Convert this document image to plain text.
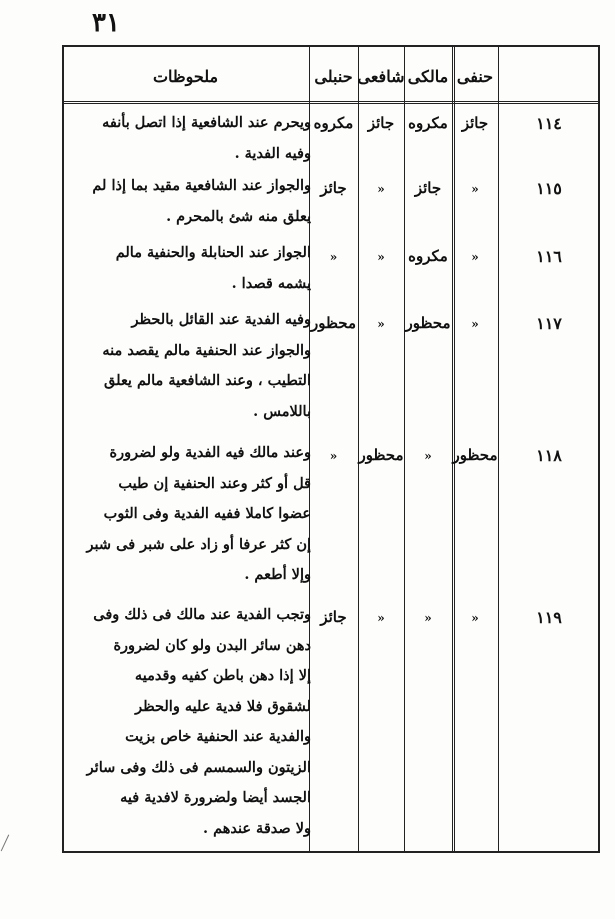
٣١
حنفى
مالكى
شافعى
حنبلى
ملحوظات
١١٤
جائز
مكروه
جائز
مكروه

ويحرم عند الشافعية إذا اتصل بأنفه
وفيه الفدية .

١١٥
«
جائز
«
جائز

والجواز عند الشافعية مقيد بما إذا لم
يعلق منه شئ بالمحرم .

١١٦
«
مكروه
«
«

الجواز عند الحنابلة والحنفية مالم
يشمه قصدا .

١١٧
«
محظور
«
محظور

وفيه الفدية عند القائل بالحظر
والجواز عند الحنفية مالم يقصد منه
التطيب ، وعند الشافعية مالم يعلق
باللامس .

١١٨
محظور
«
محظور
«

وعند مالك فيه الفدية ولو لضرورة
قل أو كثر وعند الحنفية إن طيب
عضوا كاملا ففيه الفدية وفى الثوب
إن كثر عرفا أو زاد على شبر فى شبر
وإلا أطعم .

١١٩
«
«
«
جائز

وتجب الفدية عند مالك فى ذلك وفى
دهن سائر البدن ولو كان لضرورة
إلا إذا دهن باطن كفيه وقدميه
لشقوق فلا فدية عليه والحظر
والفدية عند الحنفية خاص بزيت
الزيتون والسمسم فى ذلك وفى سائر
الجسد أيضا ولضرورة لافدية فيه
ولا صدقة عندهم .
